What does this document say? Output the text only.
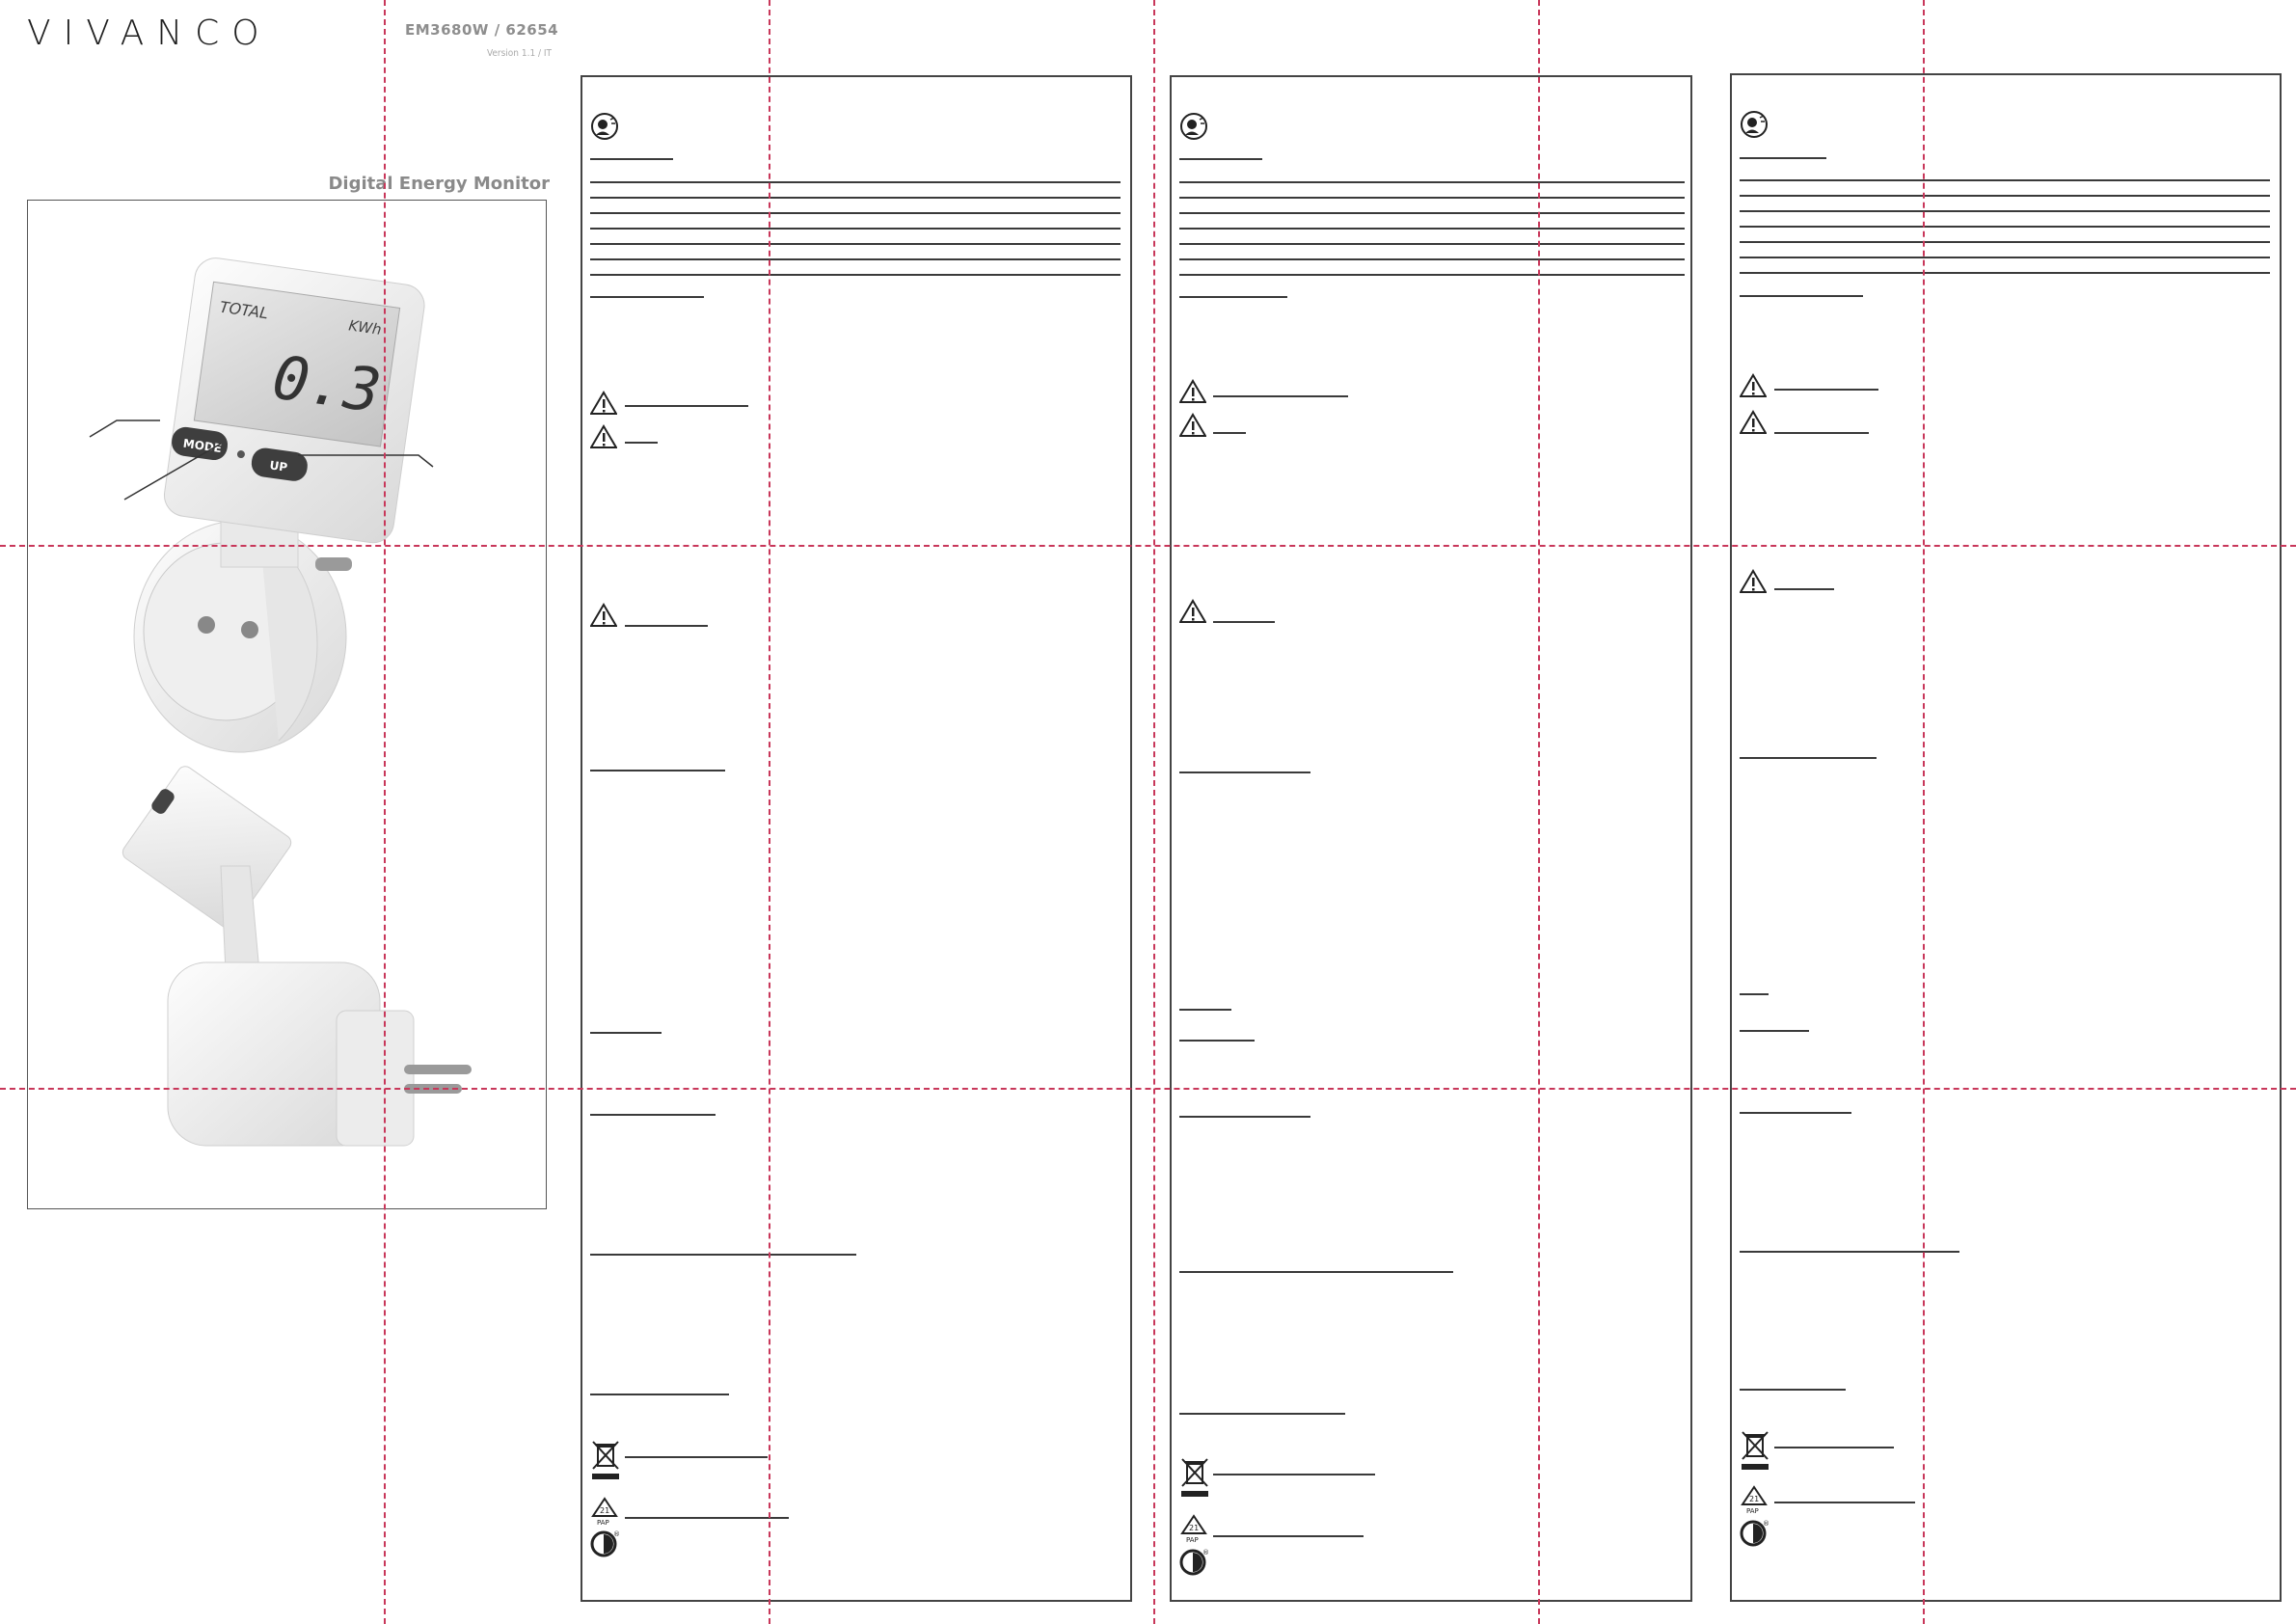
VIVANCO	EM3680W / 62654
Version 1.1 / IT
Digital Energy Monitor
TOTAL
KWh
0.3
MODE
UP
21
PAP
®
21
PAP
®
21
PAP
®
